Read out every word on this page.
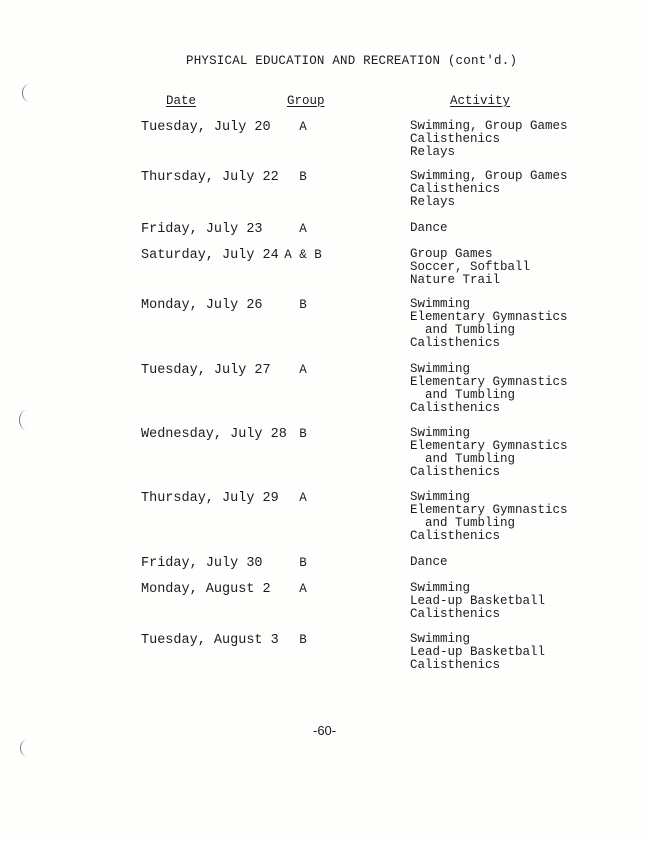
PHYSICAL EDUCATION AND RECREATION (cont'd.)
Date	Group	Activity
Tuesday, July 20	A	Swimming, Group Games
Calisthenics
Relays
Thursday, July 22	B	Swimming, Group Games
Calisthenics
Relays
Friday, July 23	A	Dance
Saturday, July 24 A & B	Group Games
Soccer, Softball
Nature Trail
Monday, July 26	B	Swimming
Elementary Gymnastics
and Tumbling
Calisthenics
Tuesday, July 27	A	Swimming
Elementary Gymnastics
and Tumbling
Calisthenics
Wednesday, July 28 B	Swimming
Elementary Gymnastics
and Tumbling
Calisthenics
Thursday, July 29	A	Swimming
Elementary Gymnastics
and Tumbling
Calisthenics
Friday, July 30	B	Dance
Monday, August 2	A	Swimming
Lead-up Basketball
Calisthenics
Tuesday, August 3	B	Swimming
Lead-up Basketball
Calisthenics
-60-
